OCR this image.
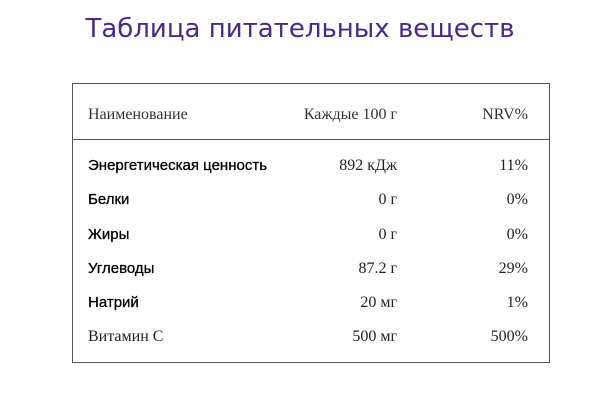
Таблица питательных веществ
Наименование	Каждые 100 г	NRV%
Энергетическая ценность	892 кДж	11%
Белки	0 г	0%
Жиры	0 г	0%
Углеводы	87.2 г	29%
Натрий	20 мг	1%
Витамин С	500 мг	500%
